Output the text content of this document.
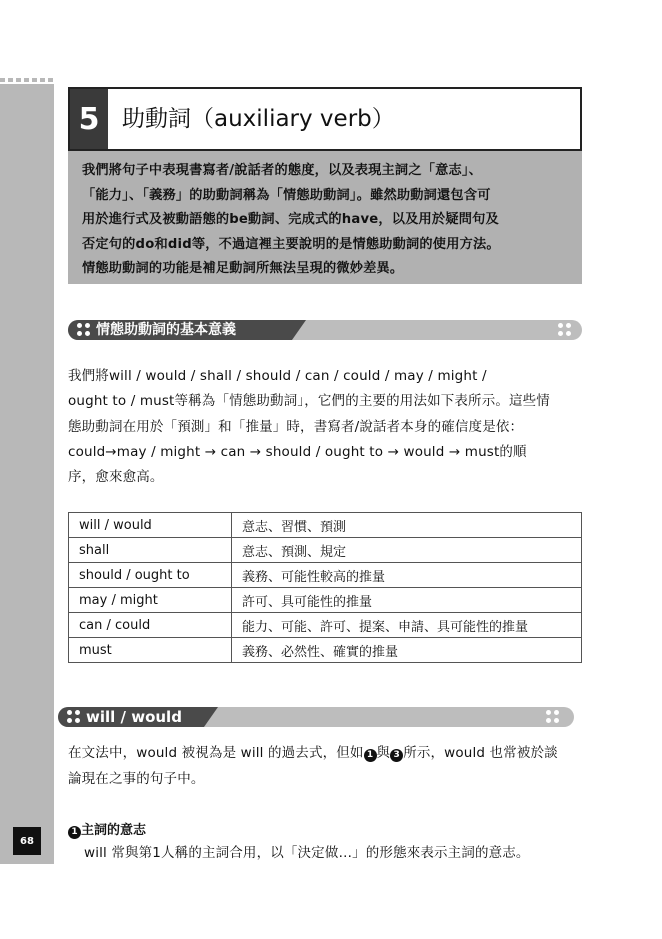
68
5 助動詞（auxiliary verb）

我們將句子中表現書寫者/說話者的態度，以及表現主詞之「意志」、

「能力」、「義務」的助動詞稱為「情態助動詞」。雖然助動詞還包含可

用於進行式及被動語態的be動詞、完成式的have，以及用於疑問句及

否定句的do和did等，不過這裡主要說明的是情態助動詞的使用方法。

情態助動詞的功能是補足動詞所無法呈現的微妙差異。

情態助動詞的基本意義
我們將will / would / shall / should / can / could / may / might /
ought to / must等稱為「情態助動詞」，它們的主要的用法如下表所示。這些情
態助動詞在用於「預測」和「推量」時，書寫者/說話者本身的確信度是依：
could→may / might → can → should / ought to → would → must的順
序，愈來愈高。
will / would	意志、習慣、預測
shall	意志、預測、規定
should / ought to	義務、可能性較高的推量
may / might	許可、具可能性的推量
can / could	能力、可能、許可、提案、申請、具可能性的推量
must	義務、必然性、確實的推量
will / would
在文法中，would 被視為是 will 的過去式，但如 1 與 3 所示，would 也常被於談
論現在之事的句子中。
1 主詞的意志
will 常與第1人稱的主詞合用，以「決定做…」的形態來表示主詞的意志。
